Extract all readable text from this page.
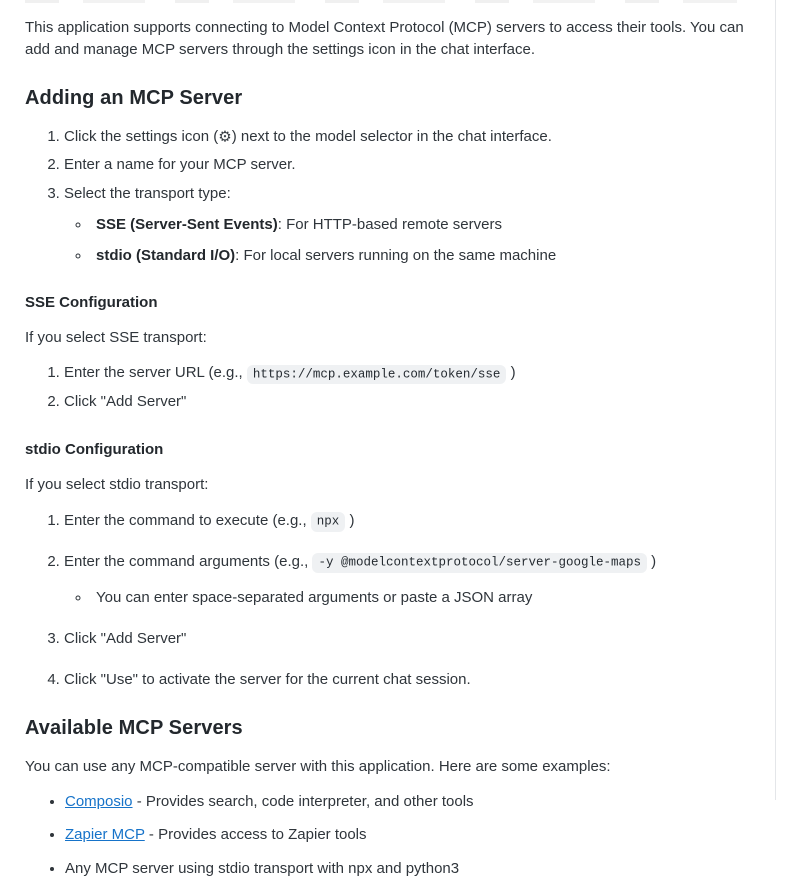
This application supports connecting to Model Context Protocol (MCP) servers to access their tools. You can add and manage MCP servers through the settings icon in the chat interface.

Adding an MCP Server
1. Click the settings icon (⚙) next to the model selector in the chat interface.
2. Enter a name for your MCP server.
3. Select the transport type:
◦ SSE (Server-Sent Events): For HTTP-based remote servers
◦ stdio (Standard I/O): For local servers running on the same machine
SSE Configuration

If you select SSE transport:

1. Enter the server URL (e.g., https://mcp.example.com/token/sse )
2. Click "Add Server"
stdio Configuration

If you select stdio transport:

1. Enter the command to execute (e.g., npx )
2. Enter the command arguments (e.g., -y @modelcontextprotocol/server-google-maps )
◦ You can enter space-separated arguments or paste a JSON array
3. Click "Add Server"
4. Click "Use" to activate the server for the current chat session.
Available MCP Servers

You can use any MCP-compatible server with this application. Here are some examples:

• Composio - Provides search, code interpreter, and other tools
• Zapier MCP - Provides access to Zapier tools
• Any MCP server using stdio transport with npx and python3
